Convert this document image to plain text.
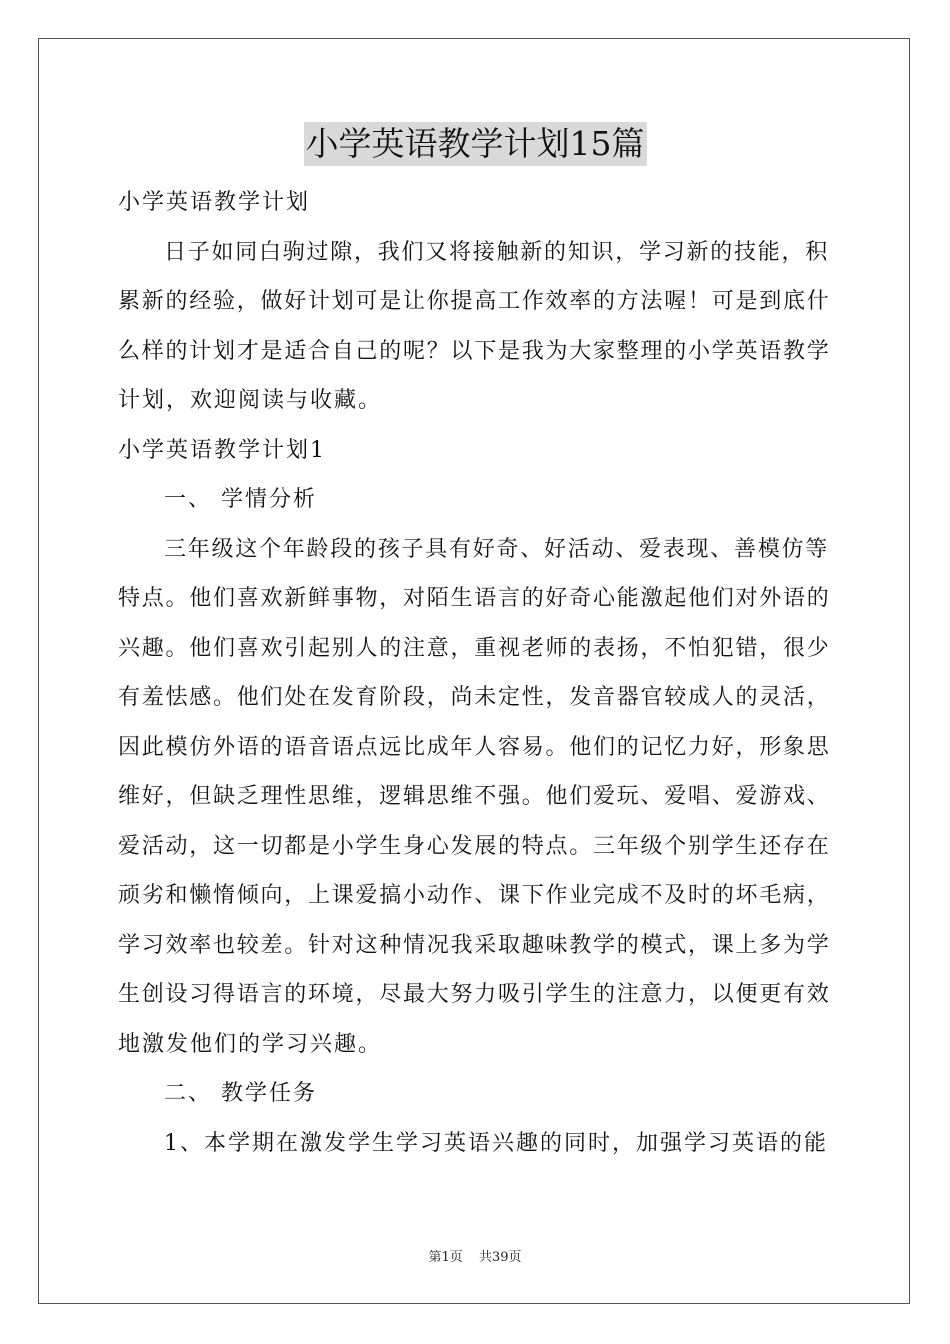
小学英语教学计划15篇

小学英语教学计划

日子如同白驹过隙，我们又将接触新的知识，学习新的技能，积

累新的经验，做好计划可是让你提高工作效率的方法喔！可是到底什

么样的计划才是适合自己的呢？以下是我为大家整理的小学英语教学

计划，欢迎阅读与收藏。

小学英语教学计划1

一、 学情分析

三年级这个年龄段的孩子具有好奇、好活动、爱表现、善模仿等

特点。他们喜欢新鲜事物，对陌生语言的好奇心能激起他们对外语的

兴趣。他们喜欢引起别人的注意，重视老师的表扬，不怕犯错，很少

有羞怯感。他们处在发育阶段，尚未定性，发音器官较成人的灵活，

因此模仿外语的语音语点远比成年人容易。他们的记忆力好，形象思

维好，但缺乏理性思维，逻辑思维不强。他们爱玩、爱唱、爱游戏、

爱活动，这一切都是小学生身心发展的特点。三年级个别学生还存在

顽劣和懒惰倾向，上课爱搞小动作、课下作业完成不及时的坏毛病，

学习效率也较差。针对这种情况我采取趣味教学的模式，课上多为学

生创设习得语言的环境，尽最大努力吸引学生的注意力，以便更有效

地激发他们的学习兴趣。

二、 教学任务

1、本学期在激发学生学习英语兴趣的同时，加强学习英语的能

第1页 共39页
